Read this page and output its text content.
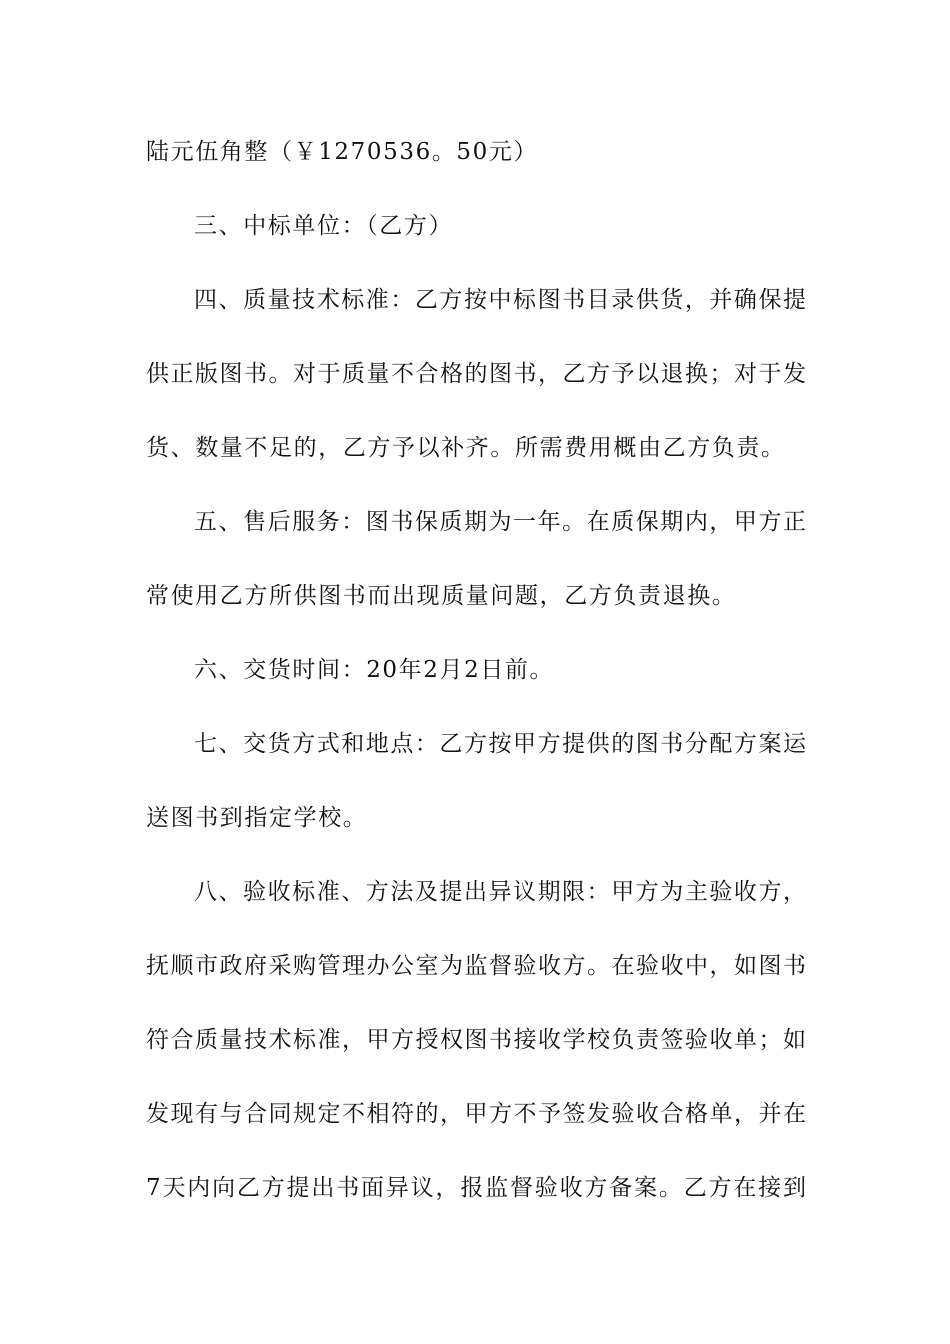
陆元伍角整（￥1270536。50元）
三、中标单位：（乙方）
四、质量技术标准：乙方按中标图书目录供货，并确保提
供正版图书。对于质量不合格的图书，乙方予以退换；对于发
货、数量不足的，乙方予以补齐。所需费用概由乙方负责。
五、售后服务：图书保质期为一年。在质保期内，甲方正
常使用乙方所供图书而出现质量问题，乙方负责退换。
六、交货时间：20年2月2日前。
七、交货方式和地点：乙方按甲方提供的图书分配方案运
送图书到指定学校。
八、验收标准、方法及提出异议期限：甲方为主验收方，
抚顺市政府采购管理办公室为监督验收方。在验收中，如图书
符合质量技术标准，甲方授权图书接收学校负责签验收单；如
发现有与合同规定不相符的，甲方不予签发验收合格单，并在
7天内向乙方提出书面异议，报监督验收方备案。乙方在接到
